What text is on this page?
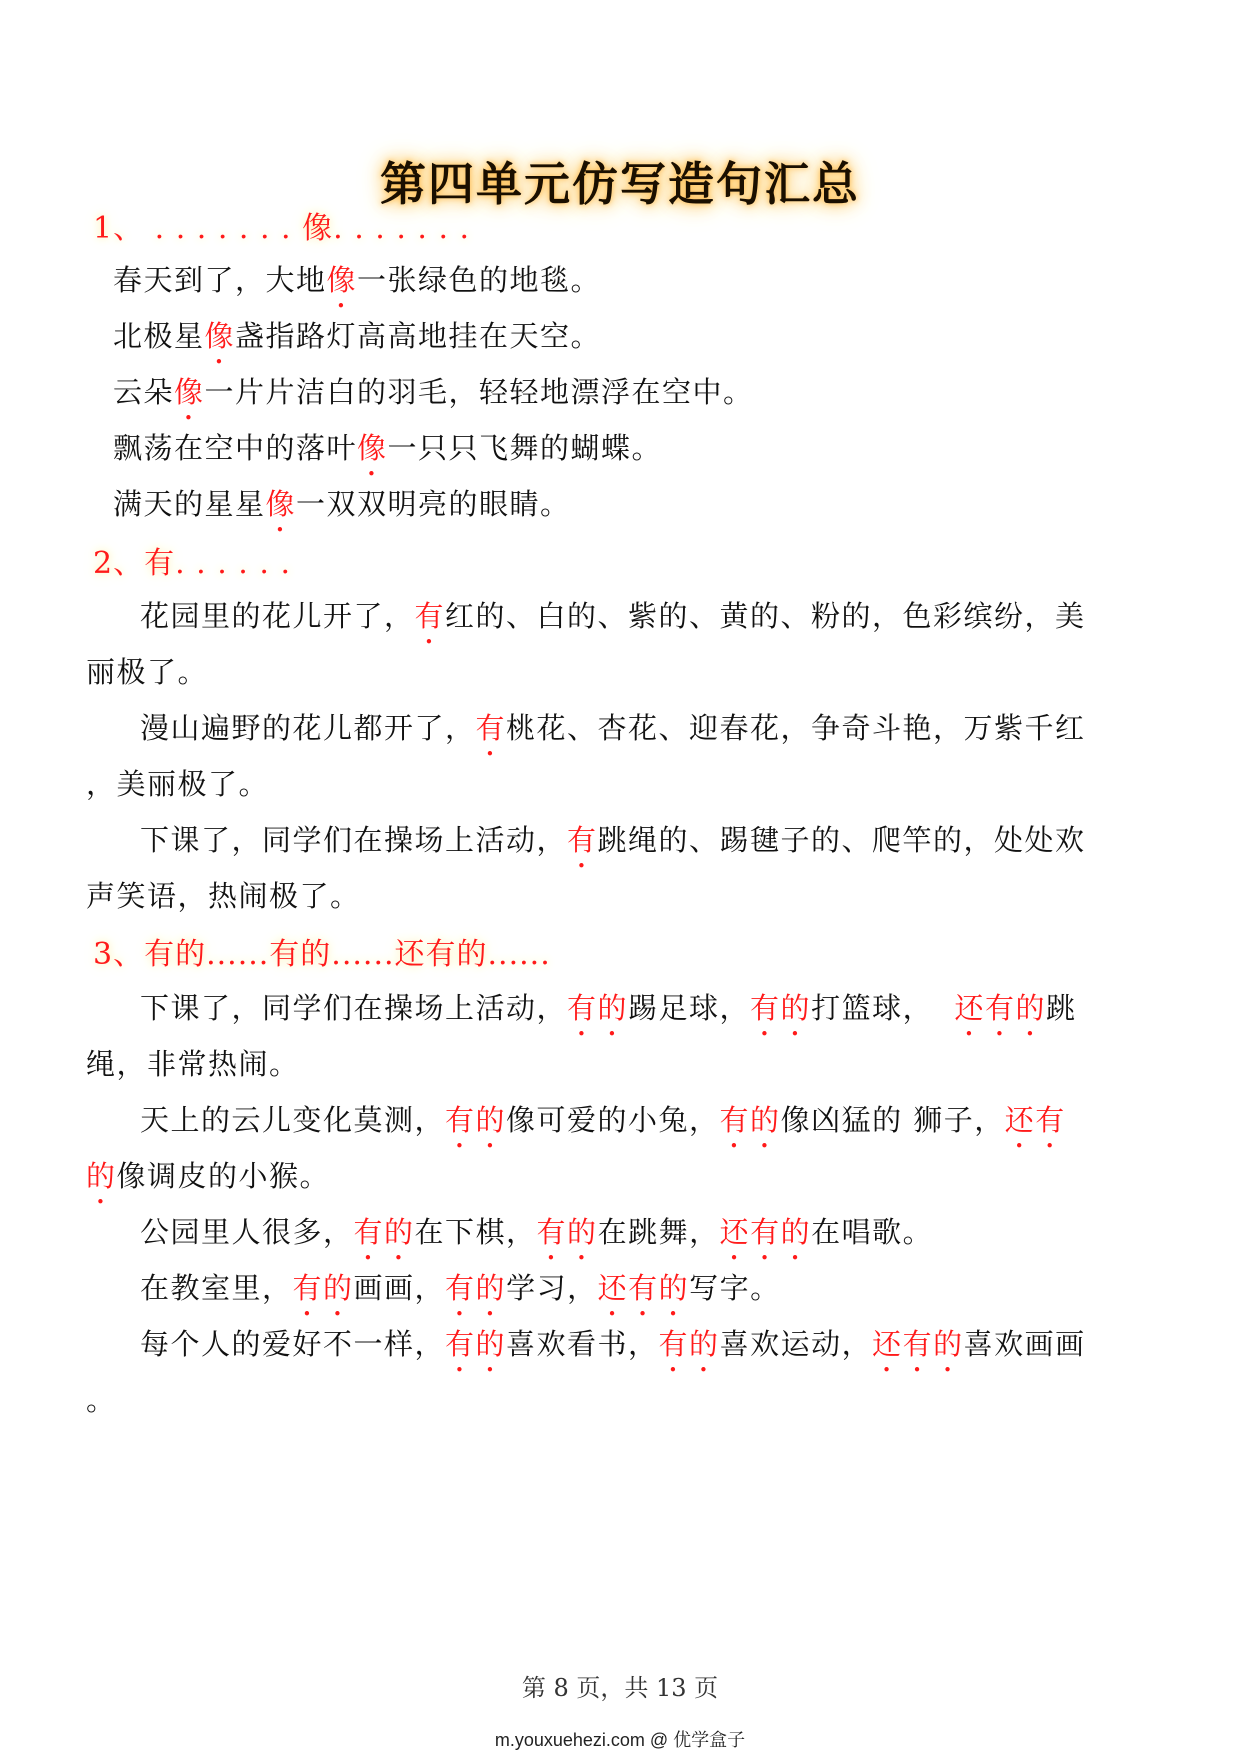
第四单元仿写造句汇总
1、 . . . . . . . 像. . . . . . .
春天到了，大地像一张绿色的地毯。
北极星像盏指路灯高高地挂在天空。
云朵像一片片洁白的羽毛，轻轻地漂浮在空中。
飘荡在空中的落叶像一只只飞舞的蝴蝶。
满天的星星像一双双明亮的眼睛。
2、有. . . . . .
花园里的花儿开了，有红的、白的、紫的、黄的、粉的，色彩缤纷，美
丽极了。
漫山遍野的花儿都开了，有桃花、杏花、迎春花，争奇斗艳，万紫千红
，美丽极了。
下课了，同学们在操场上活动，有跳绳的、踢毽子的、爬竿的，处处欢
声笑语，热闹极了。
3、有的......有的......还有的......
下课了，同学们在操场上活动，有的踢足球，有的打篮球，  还有的跳
绳，非常热闹。
天上的云儿变化莫测，有的像可爱的小兔，有的像凶猛的 狮子，还有
的像调皮的小猴。
公园里人很多，有的在下棋，有的在跳舞，还有的在唱歌。
在教室里，有的画画，有的学习，还有的写字。
每个人的爱好不一样，有的喜欢看书，有的喜欢运动，还有的喜欢画画
。
第 8 页，共 13 页
m.youxuehezi.com @ 优学盒子
